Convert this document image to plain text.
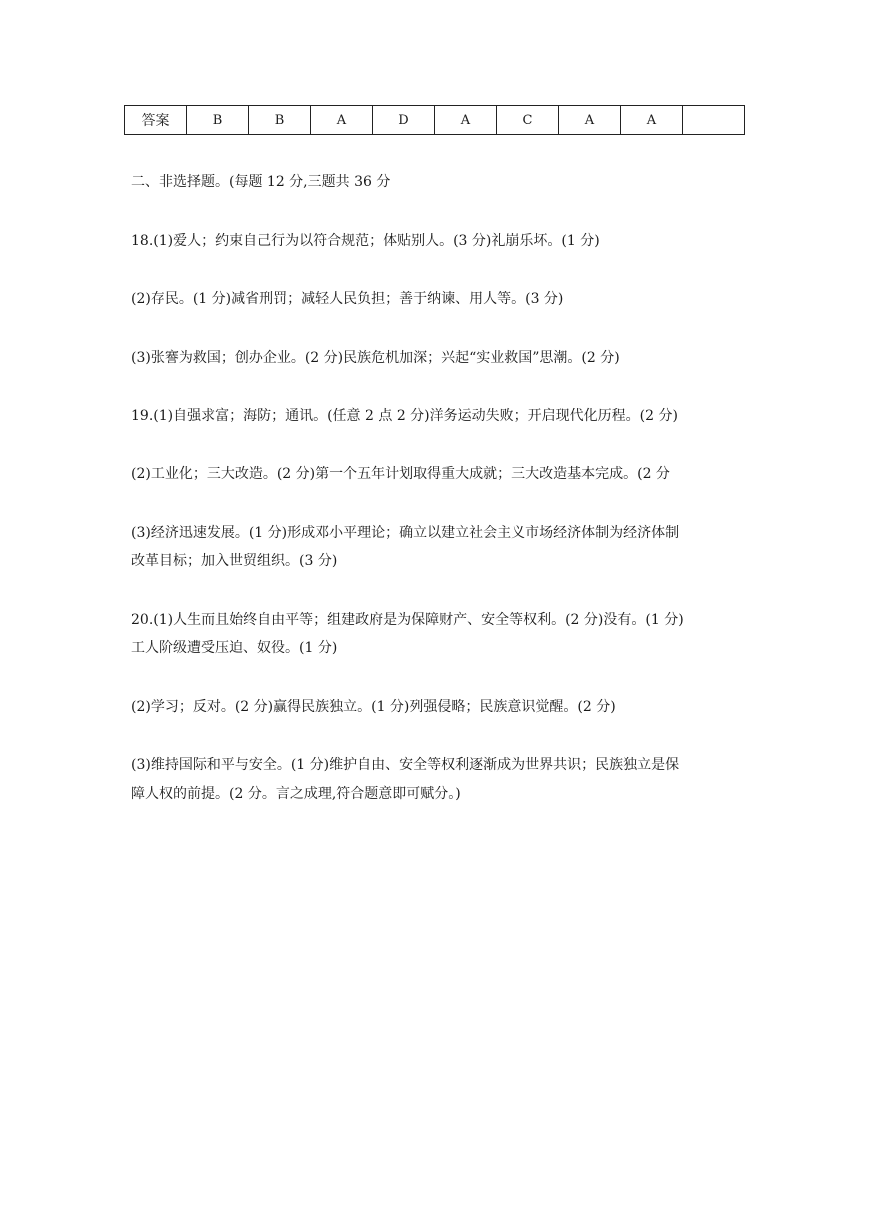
答案	B	B	A	D	A	C	A	A	
二、非选择题。(每题 12 分,三题共 36 分
18.(1)爱人；约束自己行为以符合规范；体贴别人。(3 分)礼崩乐坏。(1 分)
(2)存民。(1 分)减省刑罚；减轻人民负担；善于纳谏、用人等。(3 分)
(3)张謇为救国；创办企业。(2 分)民族危机加深；兴起“实业救国”思潮。(2 分)
19.(1)自强求富；海防；通讯。(任意 2 点 2 分)洋务运动失败；开启现代化历程。(2 分)
(2)工业化；三大改造。(2 分)第一个五年计划取得重大成就；三大改造基本完成。(2 分
(3)经济迅速发展。(1 分)形成邓小平理论；确立以建立社会主义市场经济体制为经济体制
改革目标；加入世贸组织。(3 分)
20.(1)人生而且始终自由平等；组建政府是为保障财产、安全等权利。(2 分)没有。(1 分)
工人阶级遭受压迫、奴役。(1 分)
(2)学习；反对。(2 分)赢得民族独立。(1 分)列强侵略；民族意识觉醒。(2 分)
(3)维持国际和平与安全。(1 分)维护自由、安全等权利逐渐成为世界共识；民族独立是保
障人权的前提。(2 分。言之成理,符合题意即可赋分。)
